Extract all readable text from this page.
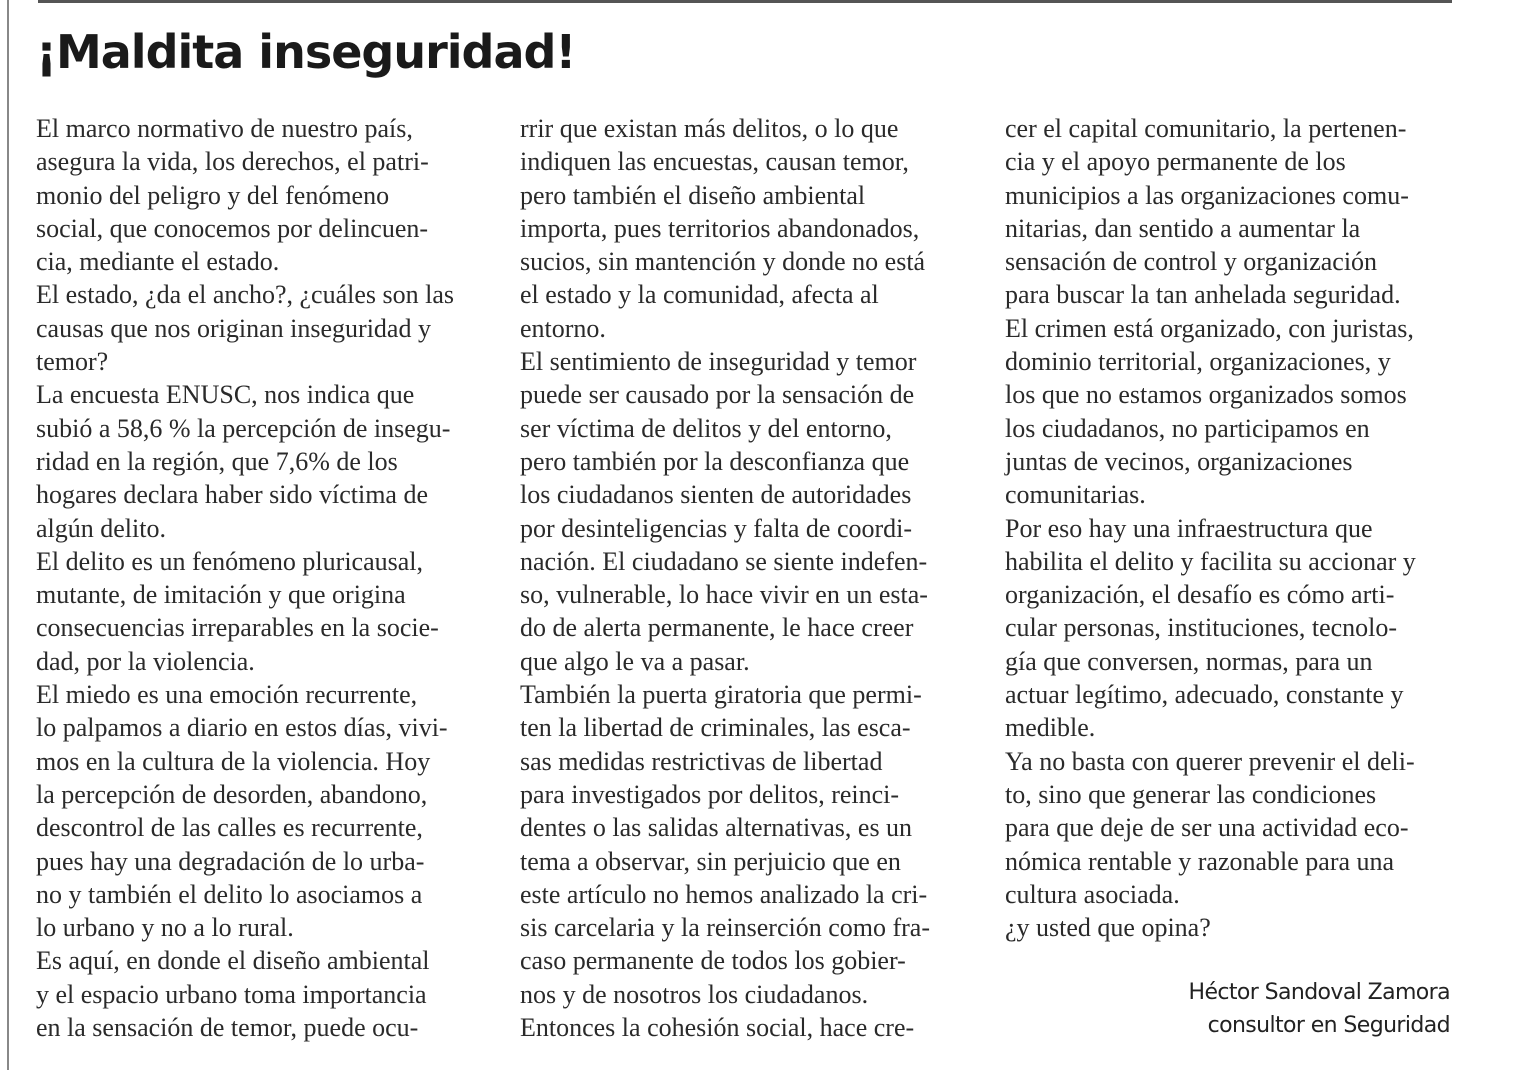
¡Maldita inseguridad!
El marco normativo de nuestro país,
asegura la vida, los derechos, el patri-
monio del peligro y del fenómeno
social, que conocemos por delincuen-
cia, mediante el estado.
El estado, ¿da el ancho?, ¿cuáles son las
causas que nos originan inseguridad y
temor?
La encuesta ENUSC, nos indica que
subió a 58,6 % la percepción de insegu-
ridad en la región, que 7,6% de los
hogares declara haber sido víctima de
algún delito.
El delito es un fenómeno pluricausal,
mutante, de imitación y que origina
consecuencias irreparables en la socie-
dad, por la violencia.
El miedo es una emoción recurrente,
lo palpamos a diario en estos días, vivi-
mos en la cultura de la violencia. Hoy
la percepción de desorden, abandono,
descontrol de las calles es recurrente,
pues hay una degradación de lo urba-
no y también el delito lo asociamos a
lo urbano y no a lo rural.
Es aquí, en donde el diseño ambiental
y el espacio urbano toma importancia
en la sensación de temor, puede ocu-
rrir que existan más delitos, o lo que
indiquen las encuestas, causan temor,
pero también el diseño ambiental
importa, pues territorios abandonados,
sucios, sin mantención y donde no está
el estado y la comunidad, afecta al
entorno.
El sentimiento de inseguridad y temor
puede ser causado por la sensación de
ser víctima de delitos y del entorno,
pero también por la desconfianza que
los ciudadanos sienten de autoridades
por desinteligencias y falta de coordi-
nación. El ciudadano se siente indefen-
so, vulnerable, lo hace vivir en un esta-
do de alerta permanente, le hace creer
que algo le va a pasar.
También la puerta giratoria que permi-
ten la libertad de criminales, las esca-
sas medidas restrictivas de libertad
para investigados por delitos, reinci-
dentes o las salidas alternativas, es un
tema a observar, sin perjuicio que en
este artículo no hemos analizado la cri-
sis carcelaria y la reinserción como fra-
caso permanente de todos los gobier-
nos y de nosotros los ciudadanos.
Entonces la cohesión social, hace cre-
cer el capital comunitario, la pertenen-
cia y el apoyo permanente de los
municipios a las organizaciones comu-
nitarias, dan sentido a aumentar la
sensación de control y organización
para buscar la tan anhelada seguridad.
El crimen está organizado, con juristas,
dominio territorial, organizaciones, y
los que no estamos organizados somos
los ciudadanos, no participamos en
juntas de vecinos, organizaciones
comunitarias.
Por eso hay una infraestructura que
habilita el delito y facilita su accionar y
organización, el desafío es cómo arti-
cular personas, instituciones, tecnolo-
gía que conversen, normas, para un
actuar legítimo, adecuado, constante y
medible.
Ya no basta con querer prevenir el deli-
to, sino que generar las condiciones
para que deje de ser una actividad eco-
nómica rentable y razonable para una
cultura asociada.
¿y usted que opina?
Héctor Sandoval Zamora
consultor en Seguridad
